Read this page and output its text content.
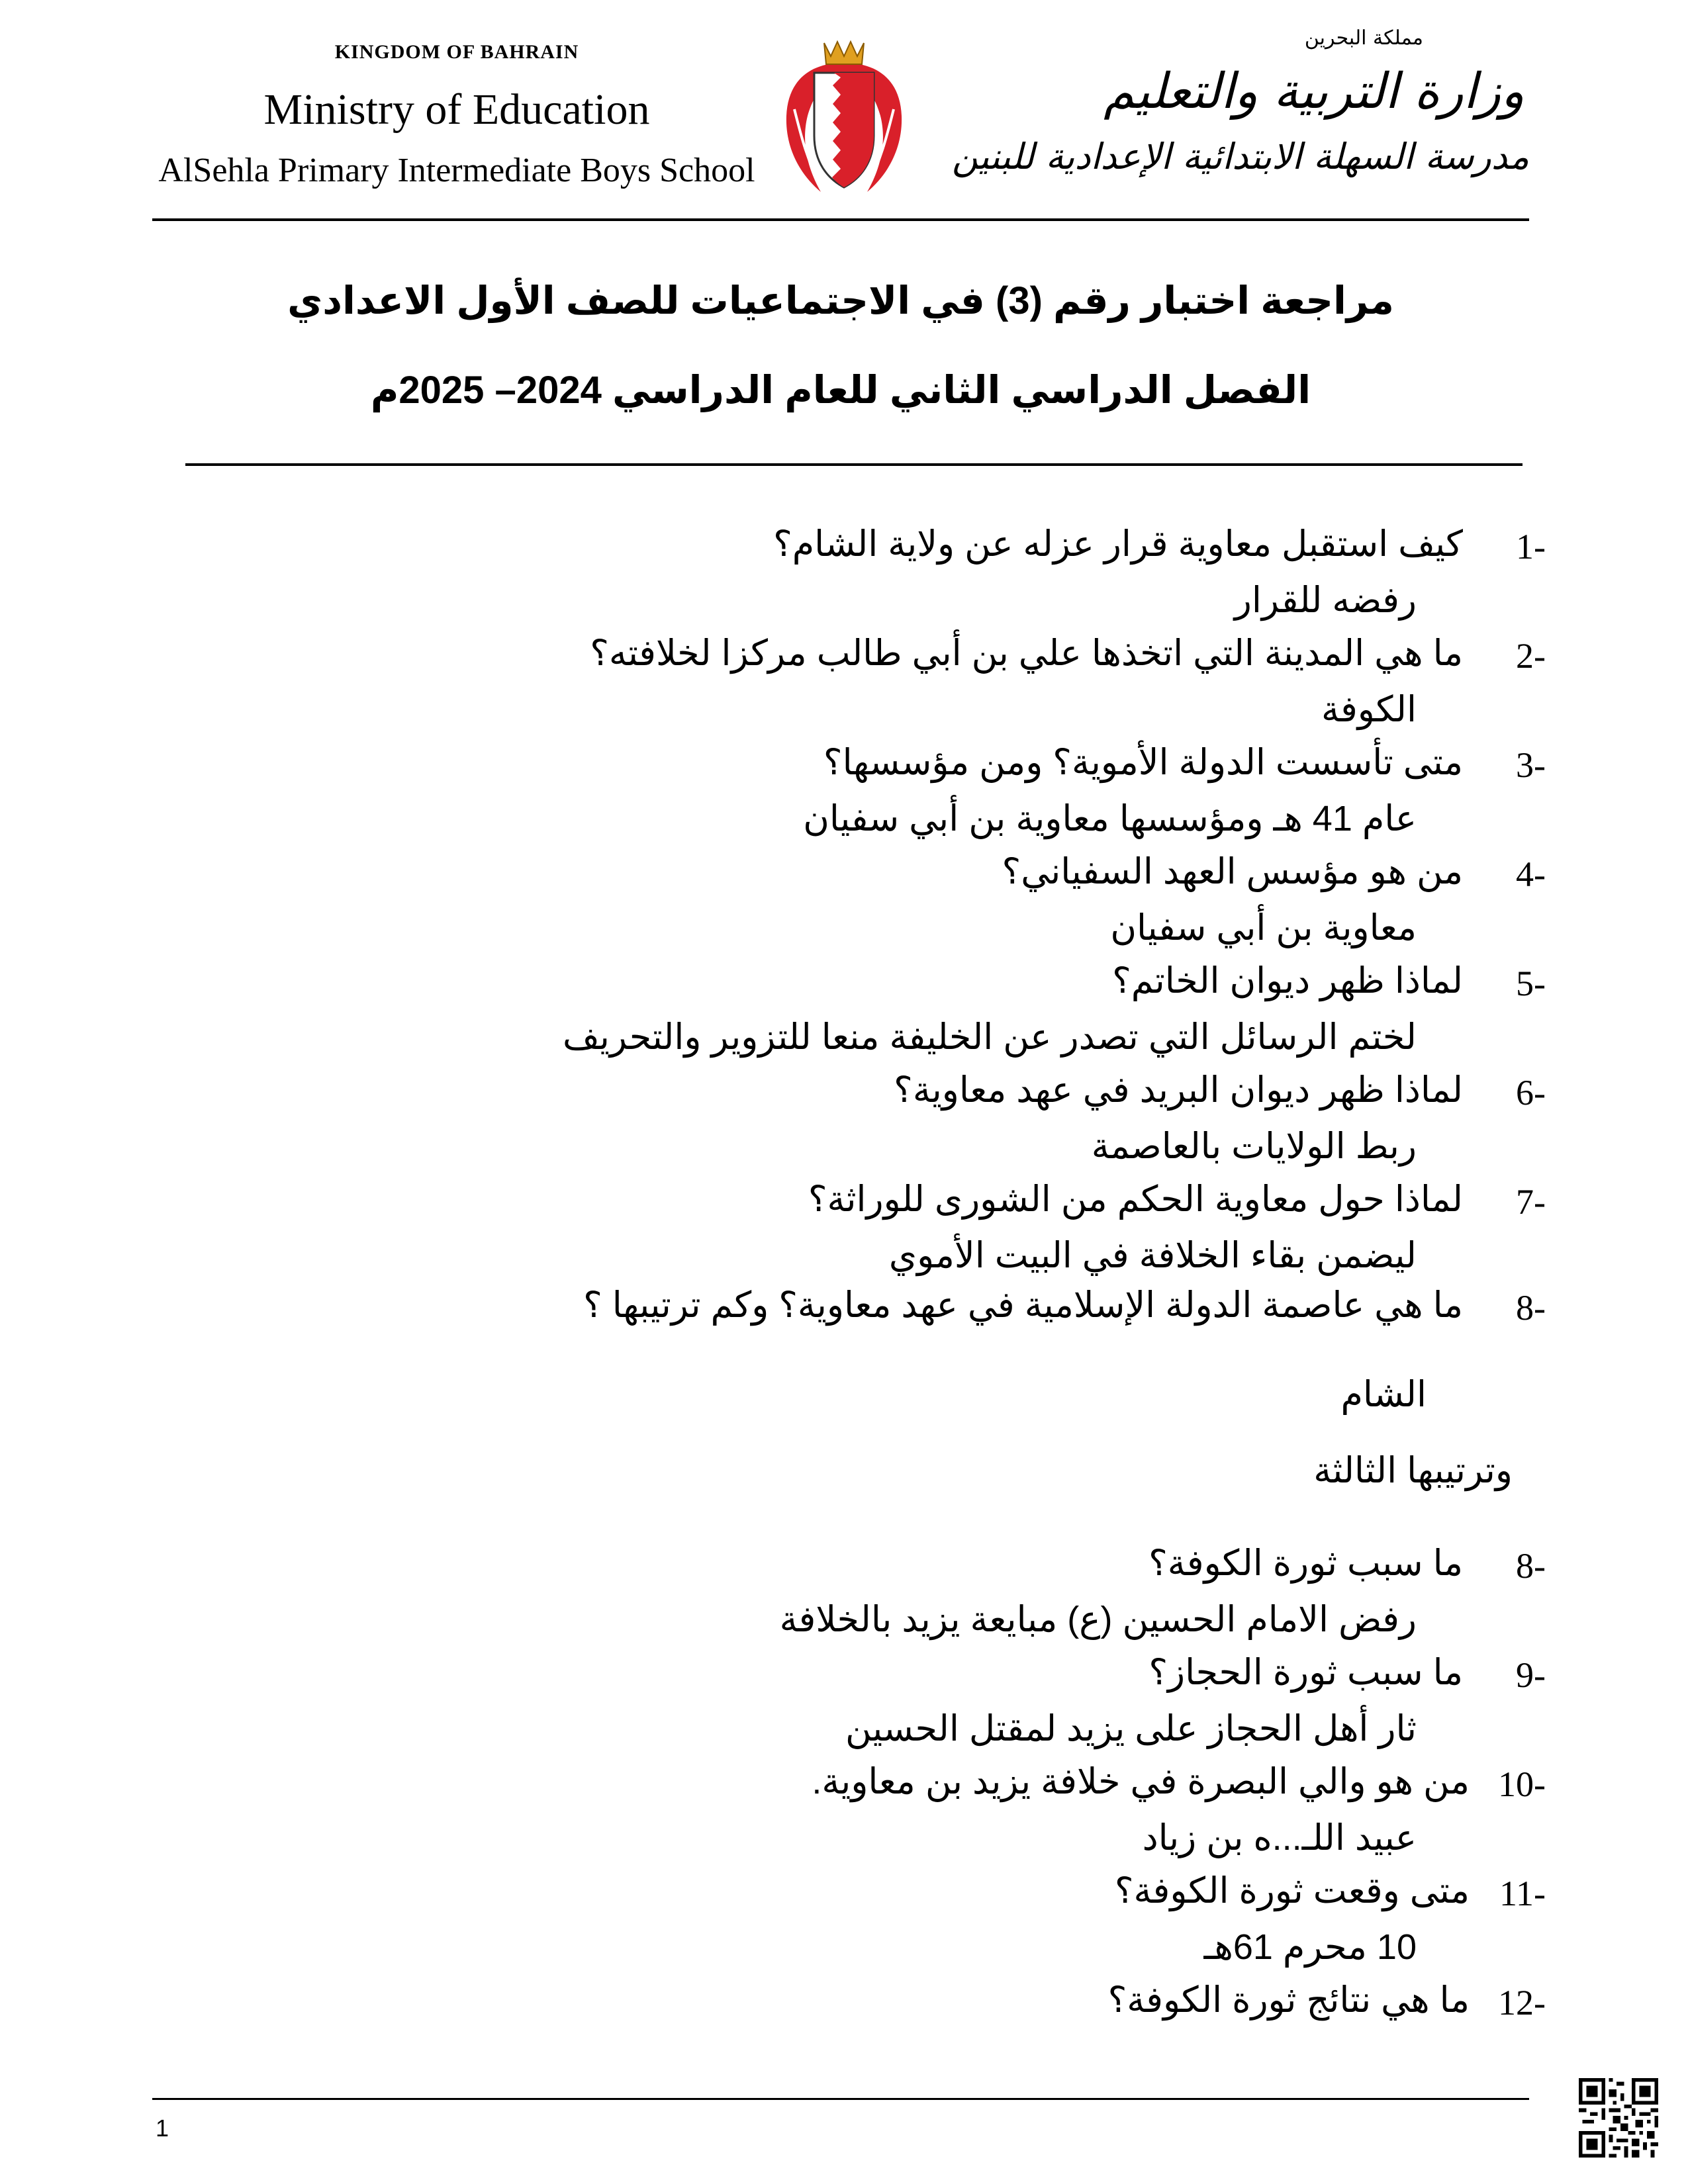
KINGDOM OF BAHRAIN
Ministry of Education
AlSehla Primary Intermediate Boys School
مملكة البحرين
وزارة التربية والتعليم
مدرسة السهلة الابتدائية الإعدادية للبنين
مراجعة اختبار رقم (3) في الاجتماعيات للصف الأول الاعدادي
الفصل الدراسي الثاني للعام الدراسي 2024– 2025م
1-
كيف استقبل معاوية قرار عزله عن ولاية الشام؟
رفضه للقرار
2-
ما هي المدينة التي اتخذها علي بن أبي طالب مركزا لخلافته؟
الكوفة
3-
متى تأسست الدولة الأموية؟ ومن مؤسسها؟
عام 41 هـ ومؤسسها معاوية بن أبي سفيان
4-
من هو مؤسس العهد السفياني؟
معاوية بن أبي سفيان
5-
لماذا ظهر ديوان الخاتم؟
لختم الرسائل التي تصدر عن الخليفة منعا للتزوير والتحريف
6-
لماذا ظهر ديوان البريد في عهد معاوية؟
ربط الولايات بالعاصمة
7-
لماذا حول معاوية الحكم من الشورى للوراثة؟
ليضمن بقاء الخلافة في البيت الأموي
8-
ما هي عاصمة الدولة الإسلامية في عهد معاوية؟ وكم ترتيبها ؟
الشام
وترتيبها الثالثة
8-
ما سبب ثورة الكوفة؟
رفض الامام الحسين (ع) مبايعة يزيد بالخلافة
9-
ما سبب ثورة الحجاز؟
ثار أهل الحجاز على يزيد لمقتل الحسين
10-
من هو والي البصرة في خلافة يزيد بن معاوية.
عبيد اللـ...ه بن زياد
11-
متى وقعت ثورة الكوفة؟
10 محرم 61هـ
12-
ما هي نتائج ثورة الكوفة؟
1
